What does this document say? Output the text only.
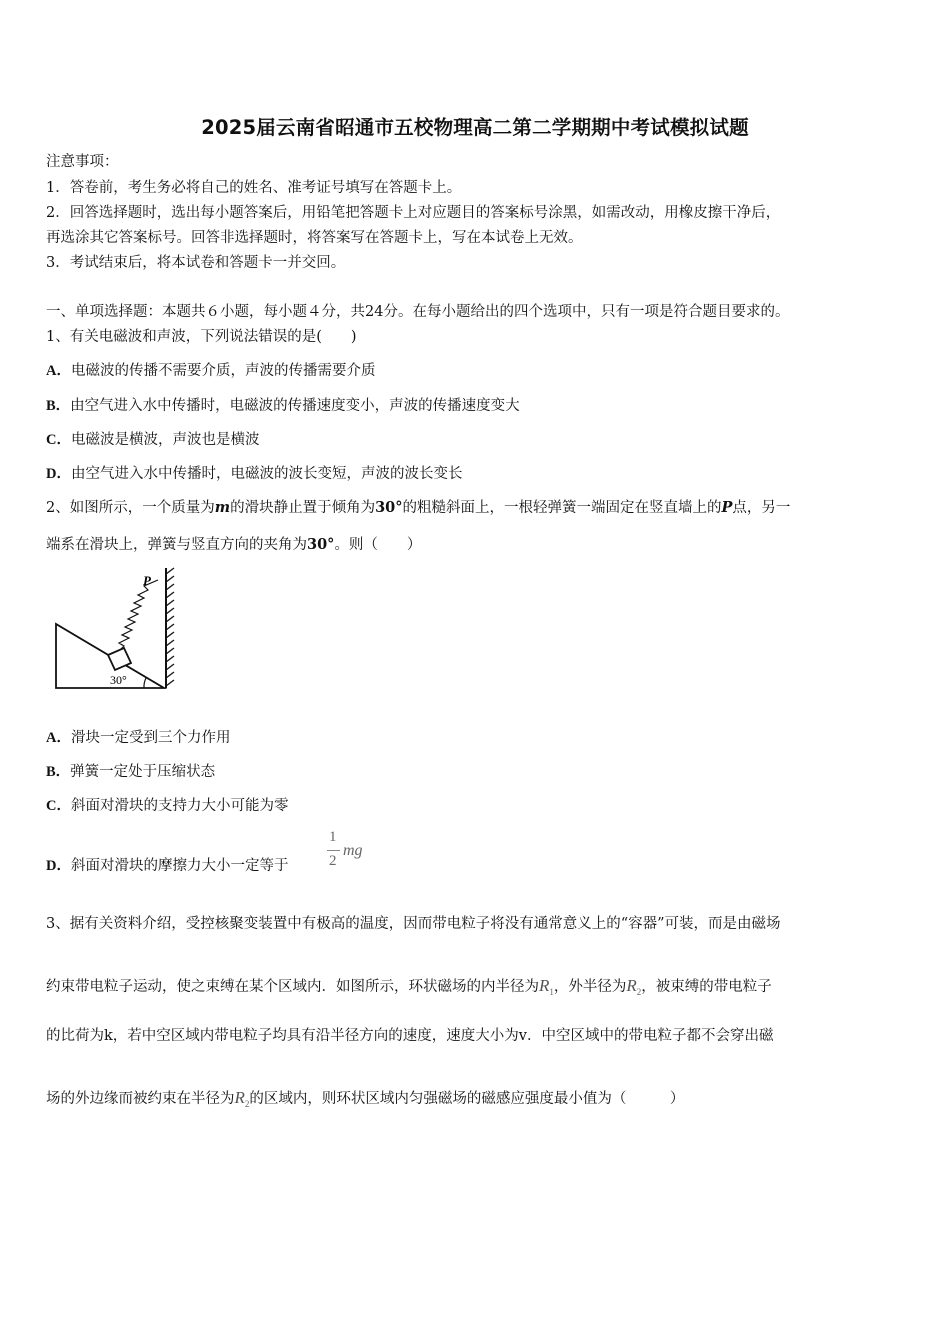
2025届云南省昭通市五校物理高二第二学期期中考试模拟试题
注意事项：
1．答卷前，考生务必将自己的姓名、准考证号填写在答题卡上。
2．回答选择题时，选出每小题答案后，用铅笔把答题卡上对应题目的答案标号涂黑，如需改动，用橡皮擦干净后，
再选涂其它答案标号。回答非选择题时，将答案写在答题卡上，写在本试卷上无效。
3．考试结束后，将本试卷和答题卡一并交回。
一、单项选择题：本题共６小题，每小题４分，共24分。在每小题给出的四个选项中，只有一项是符合题目要求的。
1、有关电磁波和声波，下列说法错误的是(　　)
A．电磁波的传播不需要介质，声波的传播需要介质
B．由空气进入水中传播时，电磁波的传播速度变小，声波的传播速度变大
C．电磁波是横波，声波也是横波
D．由空气进入水中传播时，电磁波的波长变短，声波的波长变长
2、如图所示，一个质量为m的滑块静止置于倾角为30°的粗糙斜面上，一根轻弹簧一端固定在竖直墙上的P点，另一
端系在滑块上，弹簧与竖直方向的夹角为30°。则（　　）
P
30°
A．滑块一定受到三个力作用
B．弹簧一定处于压缩状态
C．斜面对滑块的支持力大小可能为零
D．斜面对滑块的摩擦力大小一定等于
1
2
mg
3、据有关资料介绍，受控核聚变装置中有极高的温度，因而带电粒子将没有通常意义上的“容器”可装，而是由磁场
约束带电粒子运动，使之束缚在某个区域内．如图所示，环状磁场的内半径为$R_1$，外半径为$R_2$，被束缚的带电粒子
的比荷为k，若中空区域内带电粒子均具有沿半径方向的速度，速度大小为v．中空区域中的带电粒子都不会穿出磁
场的外边缘而被约束在半径为$R_2$的区域内，则环状区域内匀强磁场的磁感应强度最小值为（　　　）
